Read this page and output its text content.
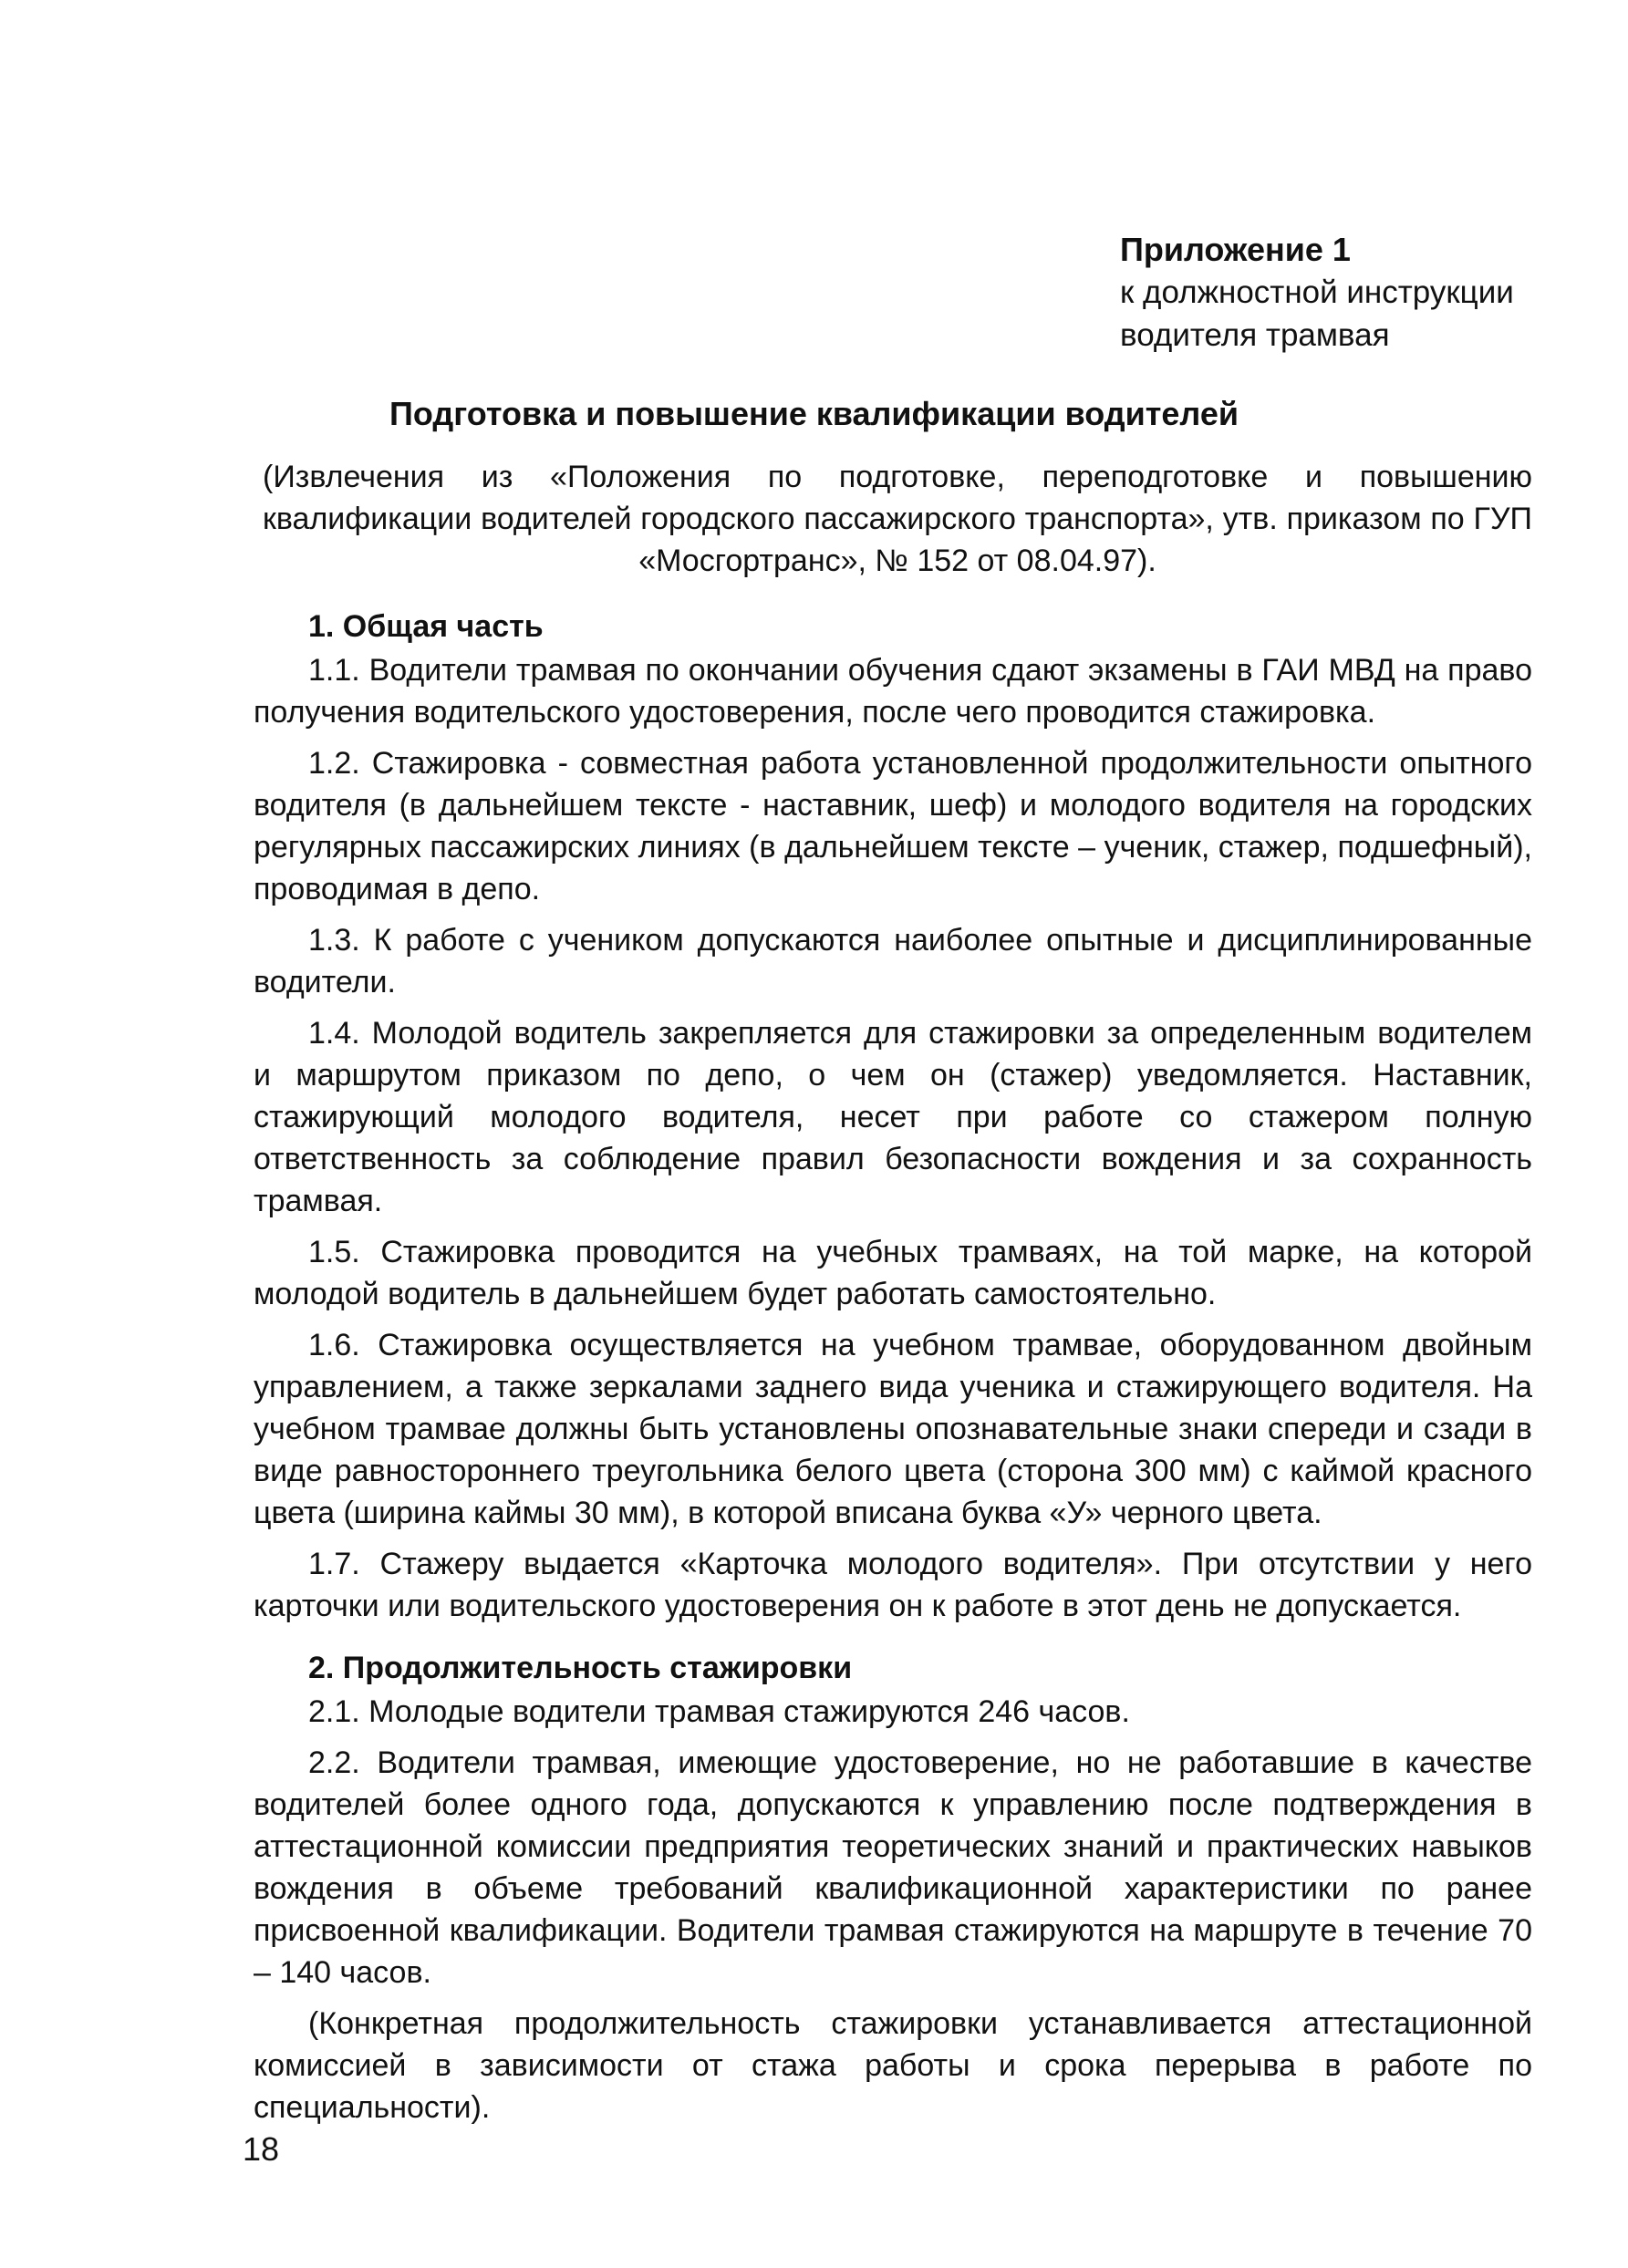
Приложение 1
к должностной инструкции
водителя трамвая
Подготовка и повышение квалификации водителей
(Извлечения из «Положения по подготовке, переподготовке и повышению квалификации водителей городского пассажирского транспорта», утв. приказом по ГУП «Мосгортранс», № 152 от 08.04.97).
1. Общая часть

1.1. Водители трамвая по окончании обучения сдают экзамены в ГАИ МВД на право получения водительского удостоверения, после чего проводится стажировка.

1.2. Стажировка - совместная работа установленной продолжительности опытного водителя (в дальнейшем тексте - наставник, шеф) и молодого водителя на городских регулярных пассажирских линиях (в дальнейшем тексте – ученик, стажер, подшефный), проводимая в депо.

1.3. К работе с учеником допускаются наиболее опытные и дисциплинированные водители.

1.4. Молодой водитель закрепляется для стажировки за определенным водителем и маршрутом приказом по депо, о чем он (стажер) уведомляется. Наставник, стажирующий молодого водителя, несет при работе со стажером полную ответственность за соблюдение правил безопасности вождения и за сохранность трамвая.

1.5. Стажировка проводится на учебных трамваях, на той марке, на которой молодой водитель в дальнейшем будет работать самостоятельно.

1.6. Стажировка осуществляется на учебном трамвае, оборудованном двойным управлением, а также зеркалами заднего вида ученика и стажирующего водителя. На учебном трамвае должны быть установлены опознавательные знаки спереди и сзади в виде равностороннего треугольника белого цвета (сторона 300 мм) с каймой красного цвета (ширина каймы 30 мм), в которой вписана буква «У» черного цвета.

1.7. Стажеру выдается «Карточка молодого водителя». При отсутствии у него карточки или водительского удостоверения он к работе в этот день не допускается.

2. Продолжительность стажировки

2.1. Молодые водители трамвая стажируются 246 часов.

2.2. Водители трамвая, имеющие удостоверение, но не работавшие в качестве водителей более одного года, допускаются к управлению после подтверждения в аттестационной комиссии предприятия теоретических знаний и практических навыков вождения в объеме требований квалификационной характеристики по ранее присвоенной квалификации. Водители трамвая стажируются на маршруте в течение 70 – 140 часов.

(Конкретная продолжительность стажировки устанавливается аттестационной комиссией в зависимости от стажа работы и срока перерыва в работе по специальности).

18
